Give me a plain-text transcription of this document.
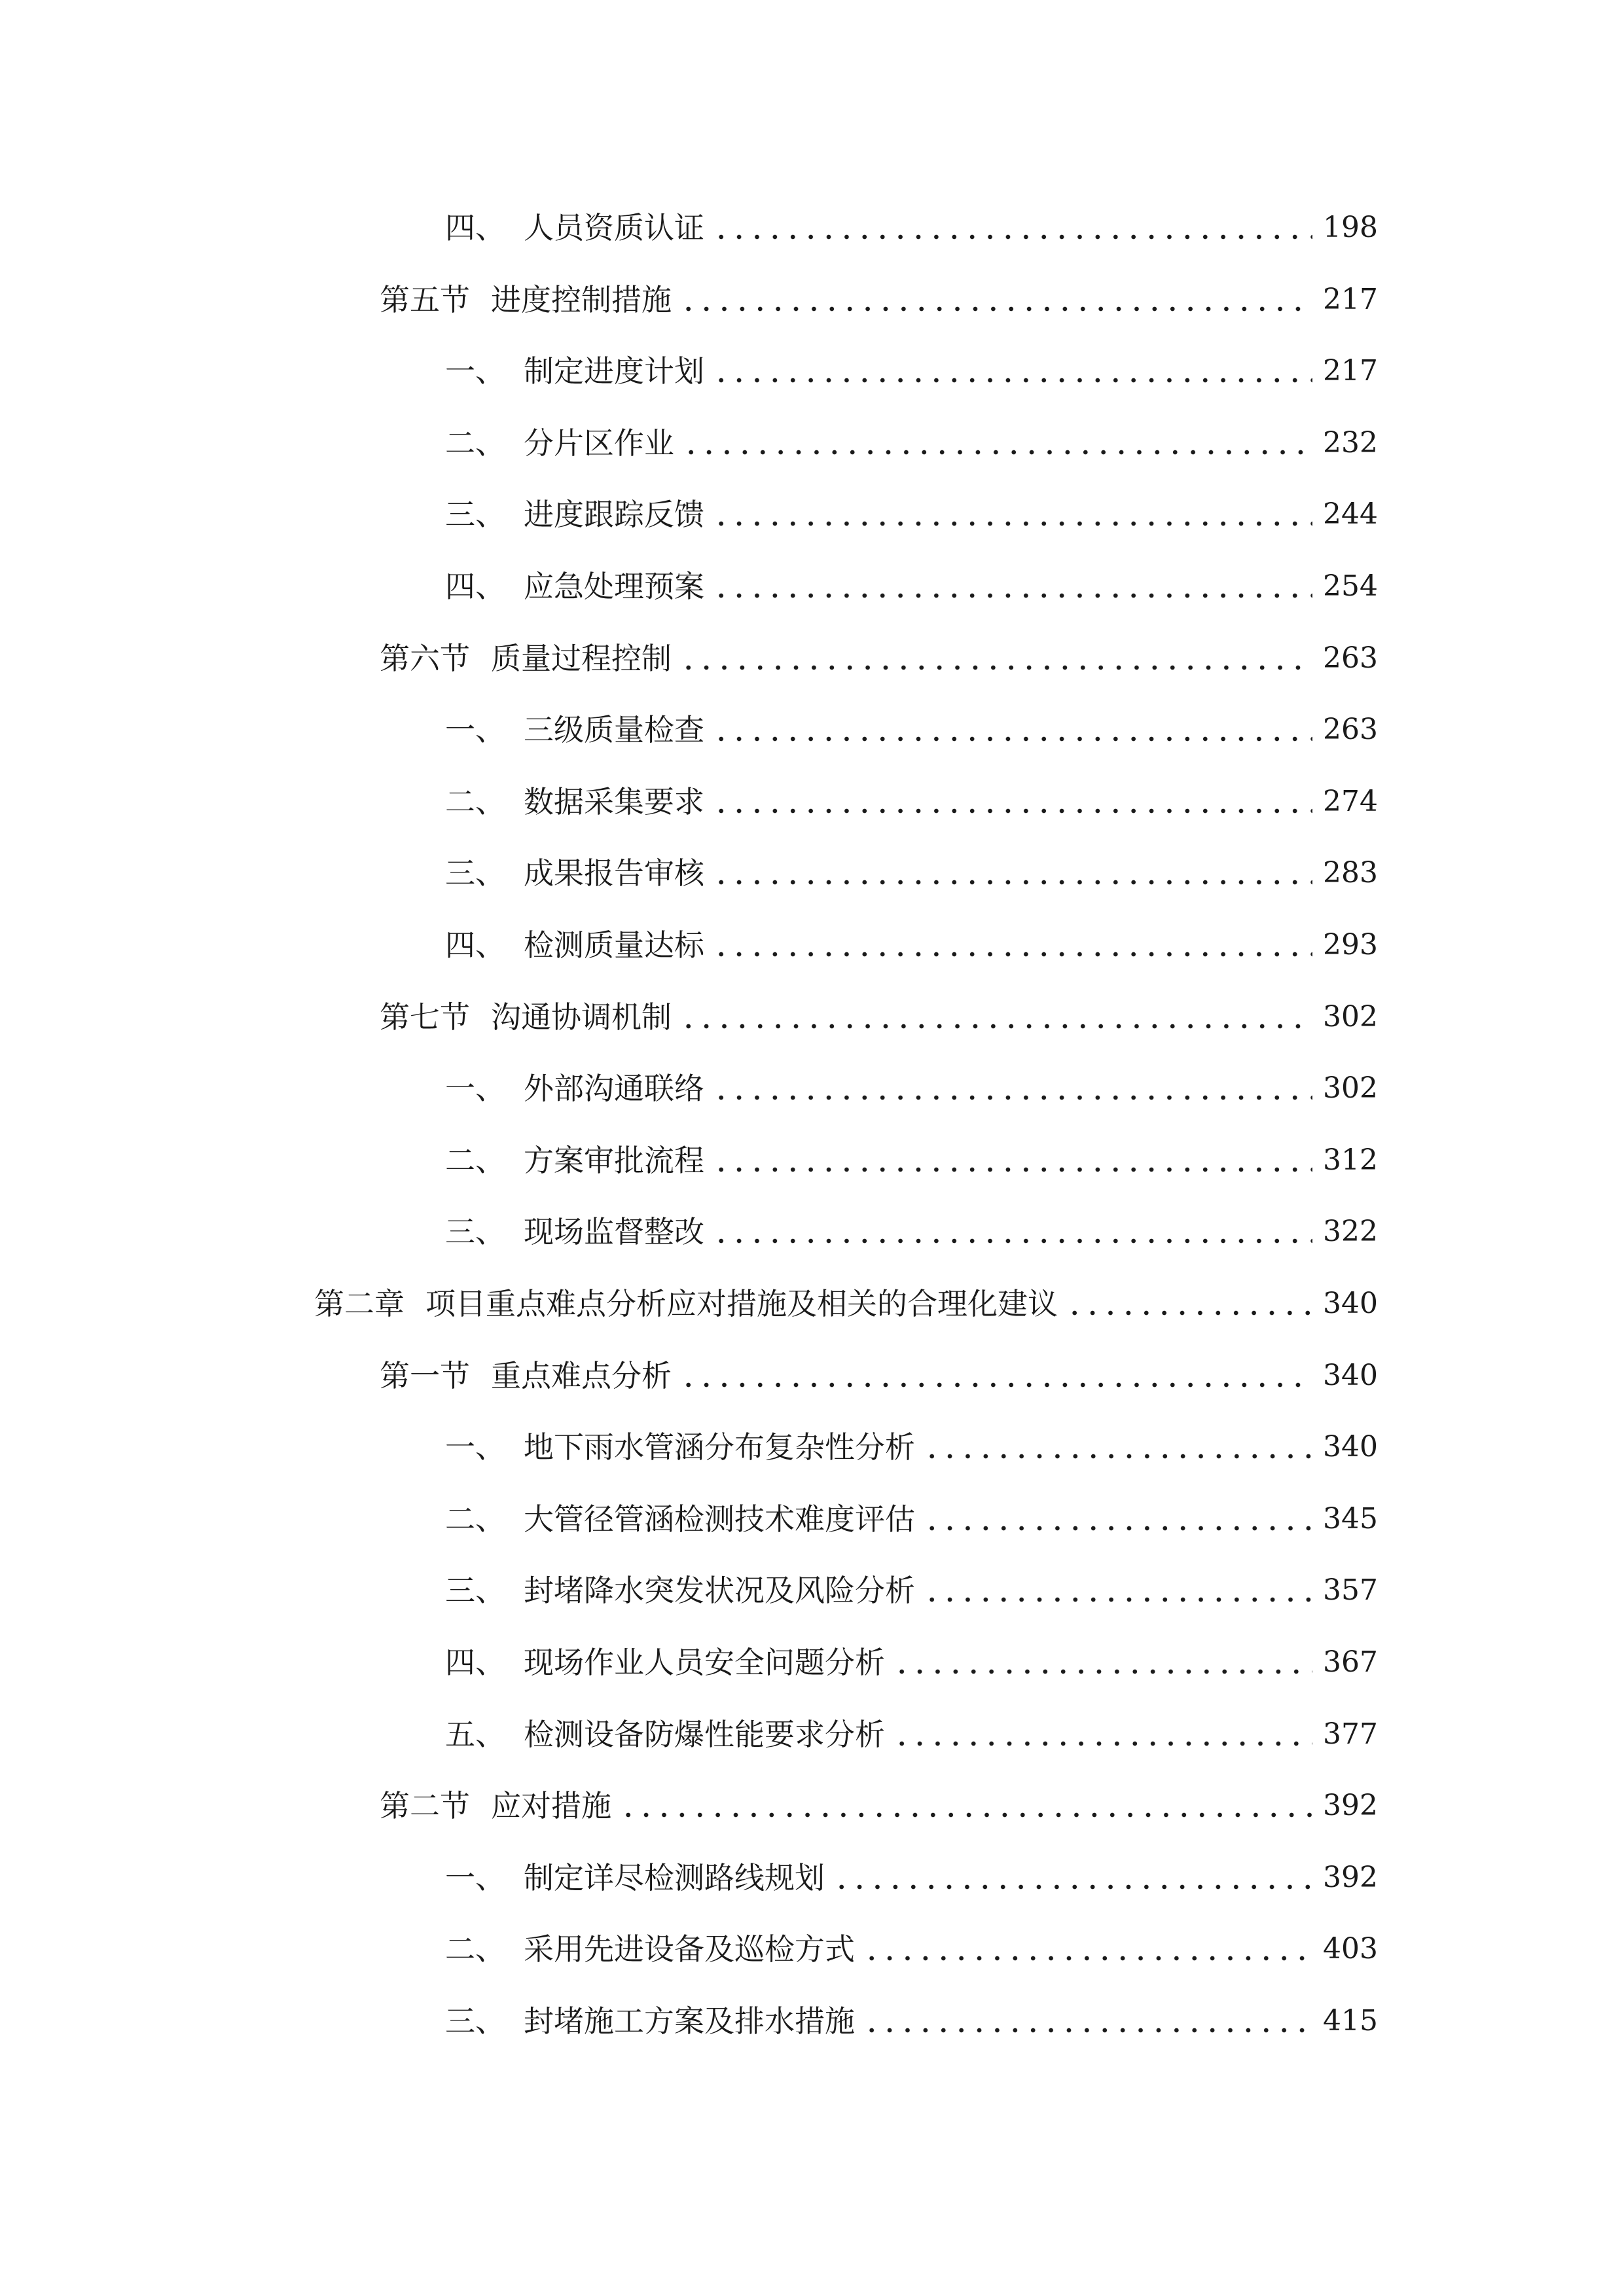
四、 人员资质认证	198
第五节 进度控制措施	217
一、 制定进度计划	217
二、 分片区作业	232
三、 进度跟踪反馈	244
四、 应急处理预案	254
第六节 质量过程控制	263
一、 三级质量检查	263
二、 数据采集要求	274
三、 成果报告审核	283
四、 检测质量达标	293
第七节 沟通协调机制	302
一、 外部沟通联络	302
二、 方案审批流程	312
三、 现场监督整改	322
第二章 项目重点难点分析应对措施及相关的合理化建议	340
第一节 重点难点分析	340
一、 地下雨水管涵分布复杂性分析	340
二、 大管径管涵检测技术难度评估	345
三、 封堵降水突发状况及风险分析	357
四、 现场作业人员安全问题分析	367
五、 检测设备防爆性能要求分析	377
第二节 应对措施	392
一、 制定详尽检测路线规划	392
二、 采用先进设备及巡检方式	403
三、 封堵施工方案及排水措施	415
